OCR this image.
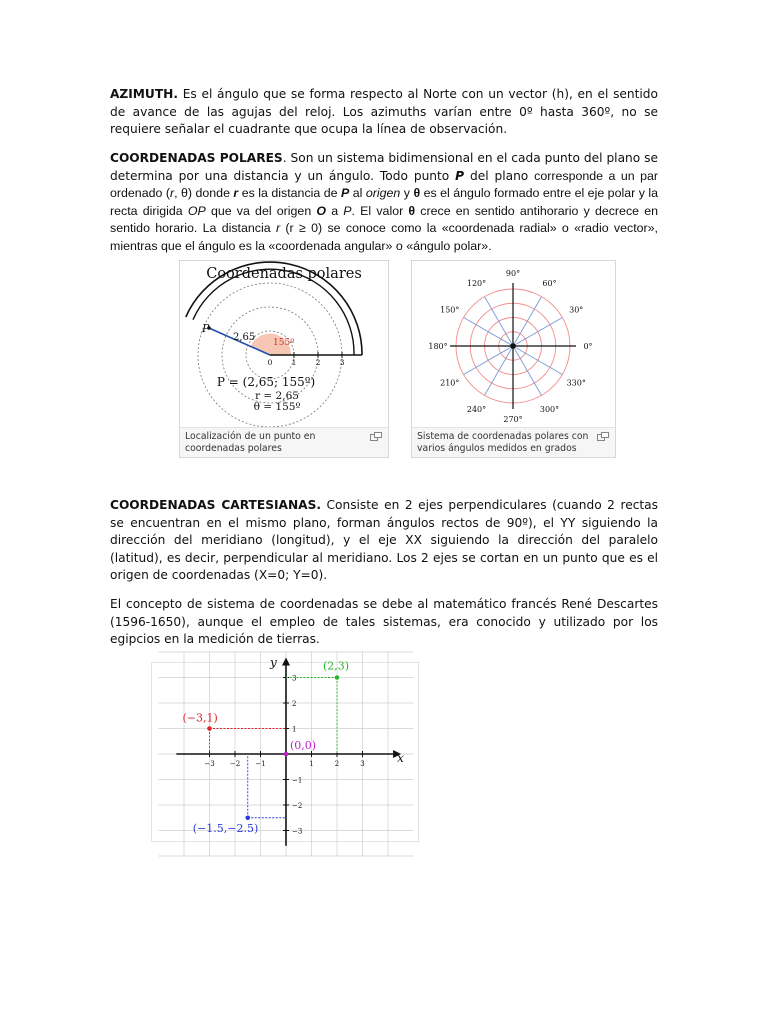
AZIMUTH. Es el ángulo que se forma respecto al Norte con un vector (h), en el sentido de avance de las agujas del reloj. Los azimuths varían entre 0º hasta 360º, no se requiere señalar el cuadrante que ocupa la línea de observación.

COORDENADAS POLARES. Son un sistema bidimensional en el cada punto del plano se determina por una distancia y un ángulo. Todo punto P del plano corresponde a un par ordenado (r, θ) donde r es la distancia de P al origen y θ es el ángulo formado entre el eje polar y la recta dirigida OP que va del origen O a P. El valor θ crece en sentido antihorario y decrece en sentido horario. La distancia r (r ≥ 0) se conoce como la «coordenada radial» o «radio vector», mientras que el ángulo es la «coordenada angular» o «ángulo polar».

Coordenadas polares
P
2,65 155º
0	1	2	3
P = (2,65; 155º)
r = 2,65
θ = 155º
Localización de un punto en coordenadas polares
0°
30°
60°
90°
120°
150°
180°
210°
240°
270°
300°
330°
Sistema de coordenadas polares con varios ángulos medidos en grados

COORDENADAS CARTESIANAS. Consiste en 2 ejes perpendiculares (cuando 2 rectas se encuentran en el mismo plano, forman ángulos rectos de 90º), el YY siguiendo la dirección del meridiano (longitud), y el eje XX siguiendo la dirección del paralelo (latitud), es decir, perpendicular al meridiano. Los 2 ejes se cortan en un punto que es el origen de coordenadas (X=0; Y=0).

El concepto de sistema de coordenadas se debe al matemático francés René Descartes (1596-1650), aunque el empleo de tales sistemas, era conocido y utilizado por los egipcios en la medición de tierras.

x
y
−3 −2 −1	1	2	3
3
2
1
−1
−2
−3
(2,3)
(−3,1)
(0,0)
(−1.5,−2.5)
